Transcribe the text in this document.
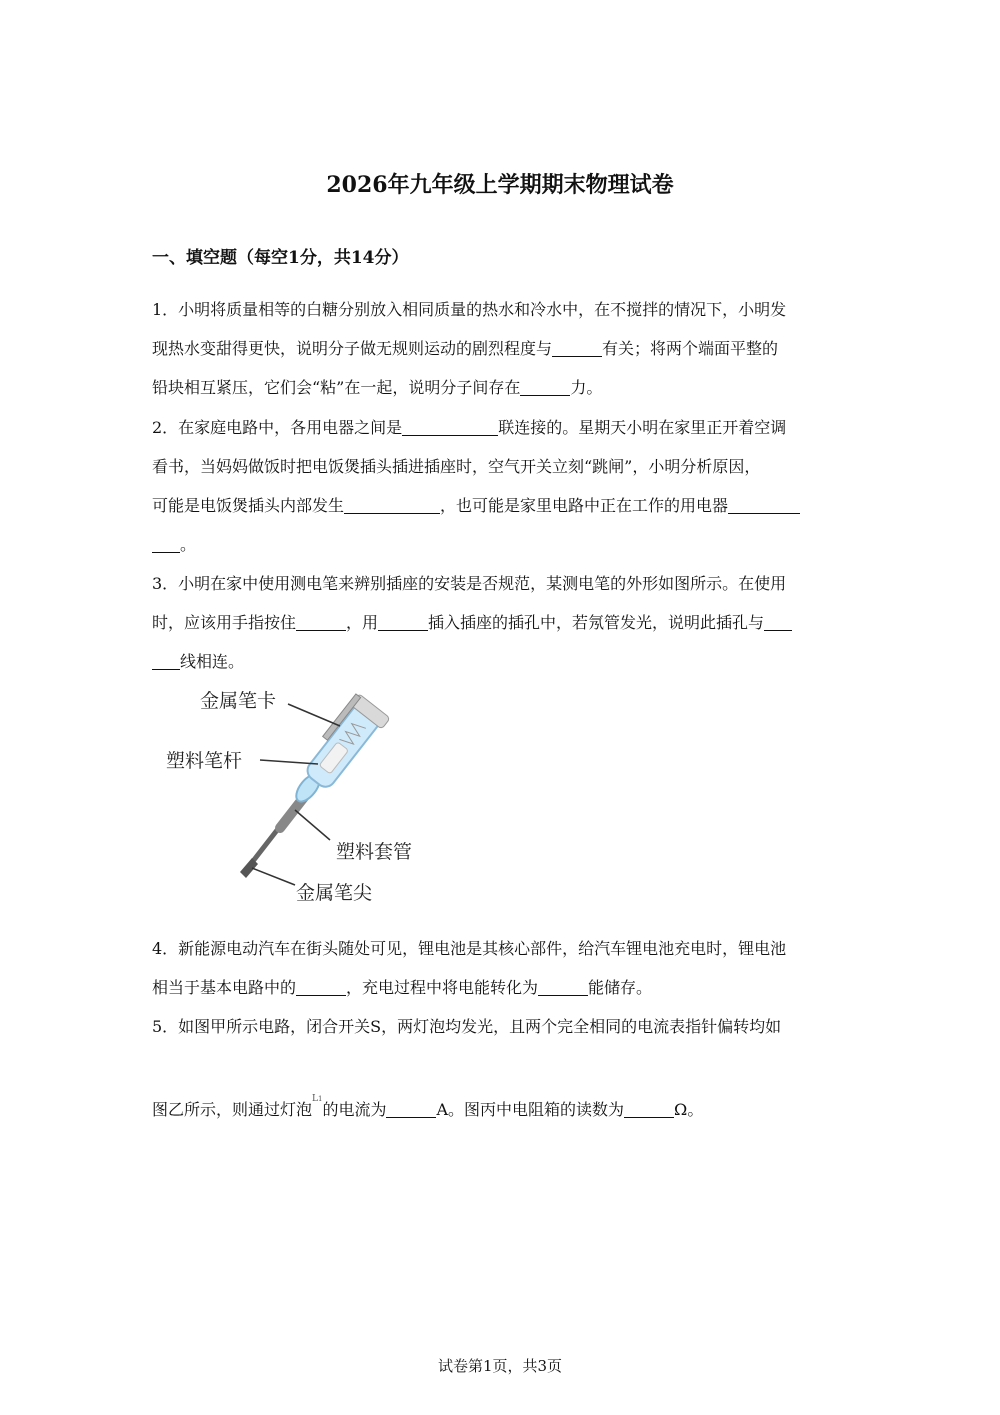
2026年九年级上学期期末物理试卷
一、填空题（每空1分，共14分）
1．小明将质量相等的白糖分别放入相同质量的热水和冷水中，在不搅拌的情况下，小明发
现热水变甜得更快，说明分子做无规则运动的剧烈程度与	有关；将两个端面平整的
铅块相互紧压，它们会“粘”在一起，说明分子间存在	力。
2．在家庭电路中，各用电器之间是	联连接的。星期天小明在家里正开着空调
看书，当妈妈做饭时把电饭煲插头插进插座时，空气开关立刻“跳闸”，小明分析原因，
可能是电饭煲插头内部发生	，也可能是家里电路中正在工作的用电器
。
3．小明在家中使用测电笔来辨别插座的安装是否规范，某测电笔的外形如图所示。在使用
时，应该用手指按住	，用	插入插座的插孔中，若氖管发光，说明此插孔与
线相连。
金属笔卡
塑料笔杆
塑料套管
金属笔尖
4．新能源电动汽车在街头随处可见，锂电池是其核心部件，给汽车锂电池充电时，锂电池
相当于基本电路中的	，充电过程中将电能转化为	能储存。
5．如图甲所示电路，闭合开关S，两灯泡均发光，且两个完全相同的电流表指针偏转均如
图乙所示，则通过灯泡$^{L1}$的电流为	A。图丙中电阻箱的读数为	Ω。
试卷第1页，共3页
